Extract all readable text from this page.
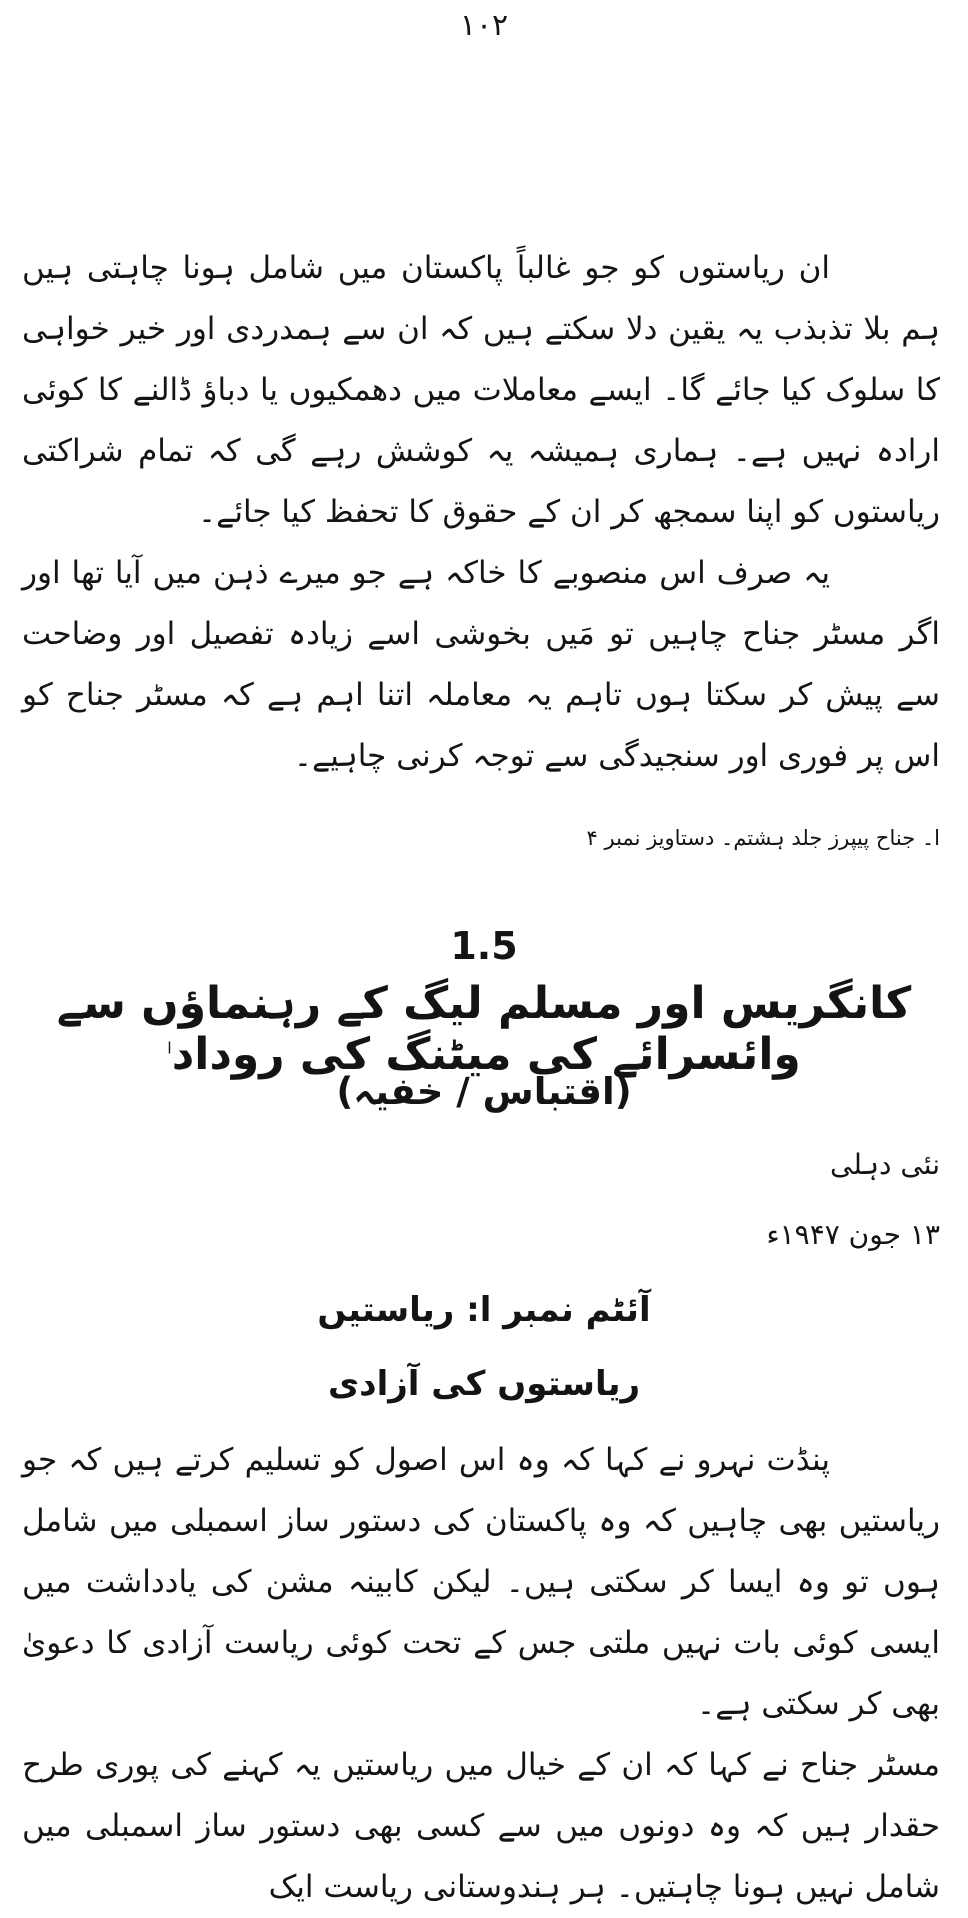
۱۰۲

ان ریاستوں کو جو غالباً پاکستان میں شامل ہونا چاہتی ہیں ہم بلا تذبذب یہ یقین دلا سکتے ہیں کہ ان سے ہمدردی اور خیر خواہی کا سلوک کیا جائے گا۔ ایسے معاملات میں دھمکیوں یا دباؤ ڈالنے کا کوئی ارادہ نہیں ہے۔ ہماری ہمیشہ یہ کوشش رہے گی کہ تمام شراکتی ریاستوں کو اپنا سمجھ کر ان کے حقوق کا تحفظ کیا جائے۔

یہ صرف اس منصوبے کا خاکہ ہے جو میرے ذہن میں آیا تھا اور اگر مسٹر جناح چاہیں تو مَیں بخوشی اسے زیادہ تفصیل اور وضاحت سے پیش کر سکتا ہوں تاہم یہ معاملہ اتنا اہم ہے کہ مسٹر جناح کو اس پر فوری اور سنجیدگی سے توجہ کرنی چاہیے۔

ا۔ جناح پیپرز جلد ہشتم۔ دستاویز نمبر ۴
1.5
کانگریس اور مسلم لیگ کے رہنماؤں سے وائسرائے کی میٹنگ کی روداد$^ا$
(اقتباس / خفیہ)
نئی دہلی
۱۳ جون ۱۹۴۷ء
آئٹم نمبر ا: ریاستیں
ریاستوں کی آزادی

پنڈت نہرو نے کہا کہ وہ اس اصول کو تسلیم کرتے ہیں کہ جو ریاستیں بھی چاہیں کہ وہ پاکستان کی دستور ساز اسمبلی میں شامل ہوں تو وہ ایسا کر سکتی ہیں۔ لیکن کابینہ مشن کی یادداشت میں ایسی کوئی بات نہیں ملتی جس کے تحت کوئی ریاست آزادی کا دعویٰ بھی کر سکتی ہے۔

مسٹر جناح نے کہا کہ ان کے خیال میں ریاستیں یہ کہنے کی پوری طرح حقدار ہیں کہ وہ دونوں میں سے کسی بھی دستور ساز اسمبلی میں شامل نہیں ہونا چاہتیں۔ ہر ہندوستانی ریاست ایک
